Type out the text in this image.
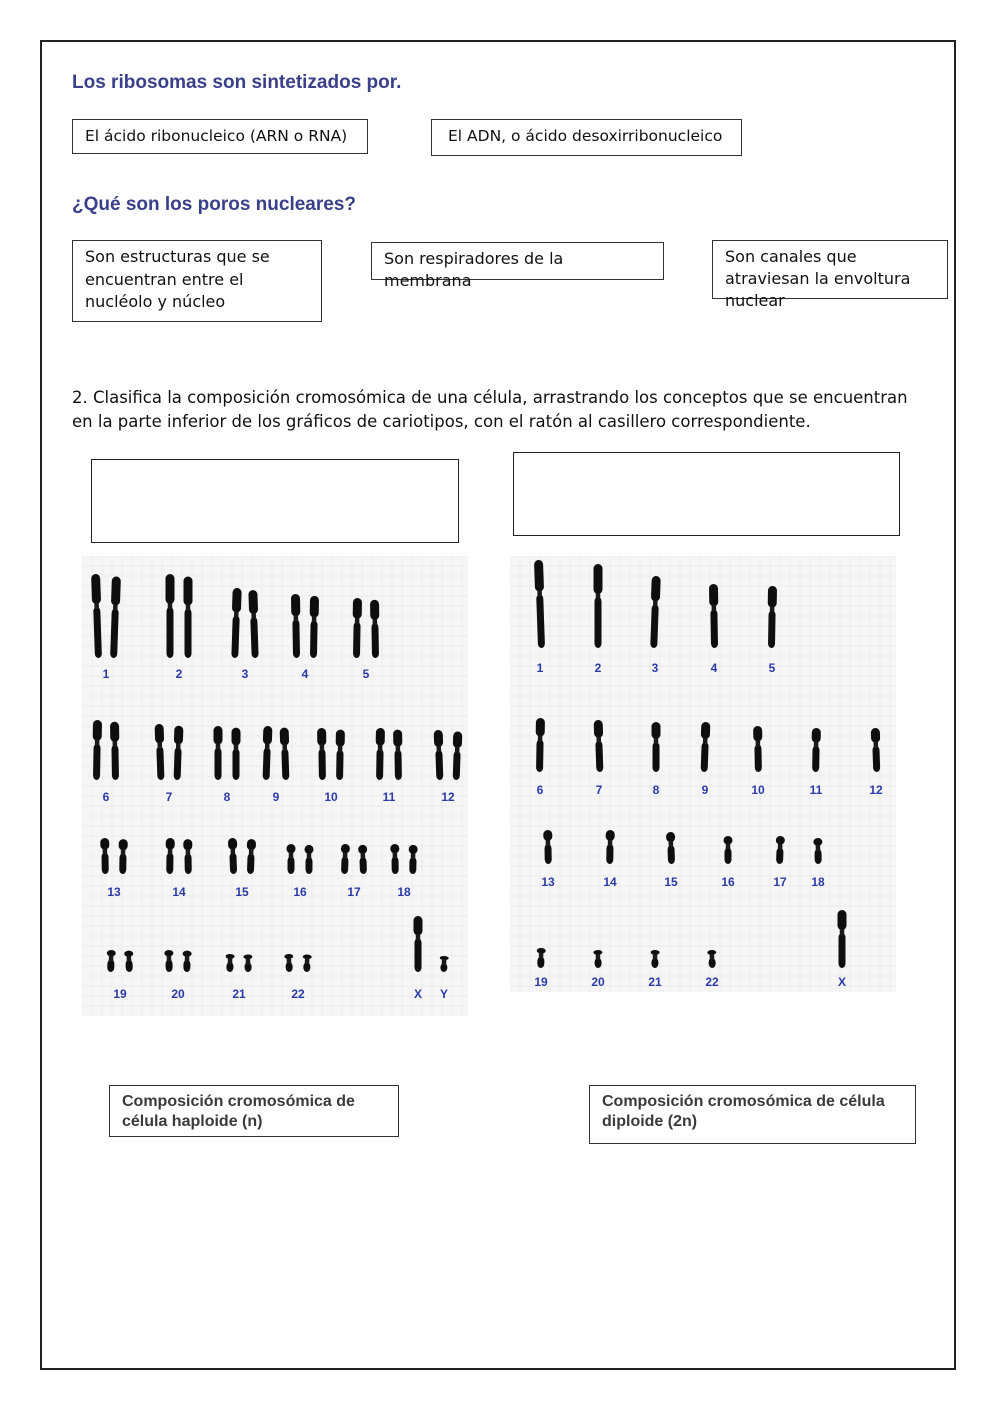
Los ribosomas son sintetizados por.
El ácido ribonucleico (ARN o RNA)	El ADN, o ácido desoxirribonucleico
¿Qué son los poros nucleares?
Son estructuras que se encuentran entre el nucléolo y núcleo
Son respiradores de la membrana
Son canales que atraviesan la envoltura nuclear
2. Clasifica la composición cromosómica de una célula, arrastrando los conceptos que se encuentran en la parte inferior de los gráficos de cariotipos, con el ratón al casillero correspondiente.
1	2	3	4	5
6	7	8	9	10	11	12
13	14	15	16	17	18
19	20	21	22	X Y
1	2	3	4	5
6	7	8	9	10	11	12
13	14	15	16	17 18
19	20	21	22	X
Composición cromosómica de célula haploide (n)
Composición cromosómica de célula diploide (2n)
